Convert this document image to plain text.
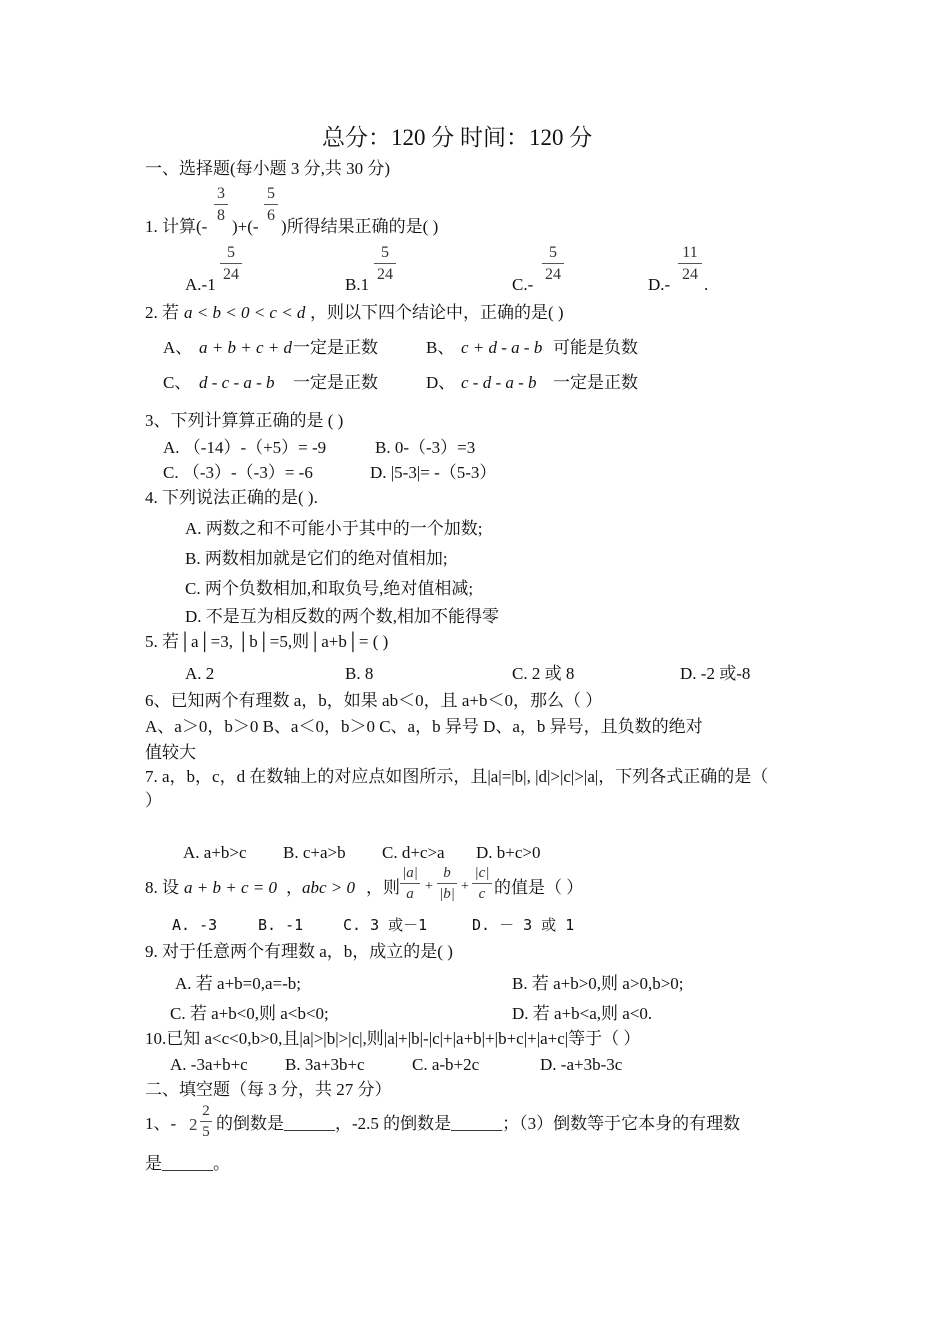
总分：120 分 时间：120 分
一、选择题(每小题 3 分,共 30 分)
1. 计算(-
3
8
)+(-
5
6
)所得结果正确的是( )
A.-1
5
24
B.1
5
24
C.-
5
24
D.-
11
24
.
2. 若 a < b < 0 < c < d ，则以下四个结论中，正确的是( )
A、 a + b + c + d 一定是正数	B、 c + d - a - b 可能是负数
C、 d - c - a - b 一定是正数	D、 c - d - a - b 一定是正数
3、下列计算算正确的是 ( )
A. （-14）-（+5）= -9	B. 0-（-3）=3
C. （-3）-（-3）= -6	D. |5-3|= -（5-3）
4. 下列说法正确的是( ).
A. 两数之和不可能小于其中的一个加数;
B. 两数相加就是它们的绝对值相加;
C. 两个负数相加,和取负号,绝对值相减;
D. 不是互为相反数的两个数,相加不能得零
5. 若│a│=3, │b│=5,则│a+b│= ( )
A. 2	B. 8	C. 2 或 8	D. -2 或-8
6、已知两个有理数 a，b，如果 ab＜0，且 a+b＜0，那么（ ）
A、a＞0，b＞0 B、a＜0，b＞0 C、a，b 异号 D、a，b 异号，且负数的绝对
值较大
7. a，b，c，d 在数轴上的对应点如图所示，且|a|=|b|, |d|>|c|>|a|，下列各式正确的是（
）
A. a+b>c B. c+a>b C. d+c>a D. b+c>0
8. 设 a + b + c = 0 ， abc > 0 ，则
|a|
a +
b
|b| +
|c|
c 的值是（ ）
A. -3	B. -1	C. 3 或－1	D. － 3 或 1
9. 对于任意两个有理数 a，b，成立的是( )
A. 若 a+b=0,a=-b;	B. 若 a+b>0,则 a>0,b>0;
C. 若 a+b<0,则 a<b<0;	D. 若 a+b<a,则 a<0.
10.已知 a<c<0,b>0,且|a|>|b|>|c|,则|a|+|b|-|c|+|a+b|+|b+c|+|a+c|等于（ ）
A. -3a+b+c B. 3a+3b+c	C. a-b+2c	D. -a+3b-3c
二、填空题（每 3 分，共 27 分）
1、- 2
2
5 的倒数是______，-2.5 的倒数是______；（3）倒数等于它本身的有理数
是______。
